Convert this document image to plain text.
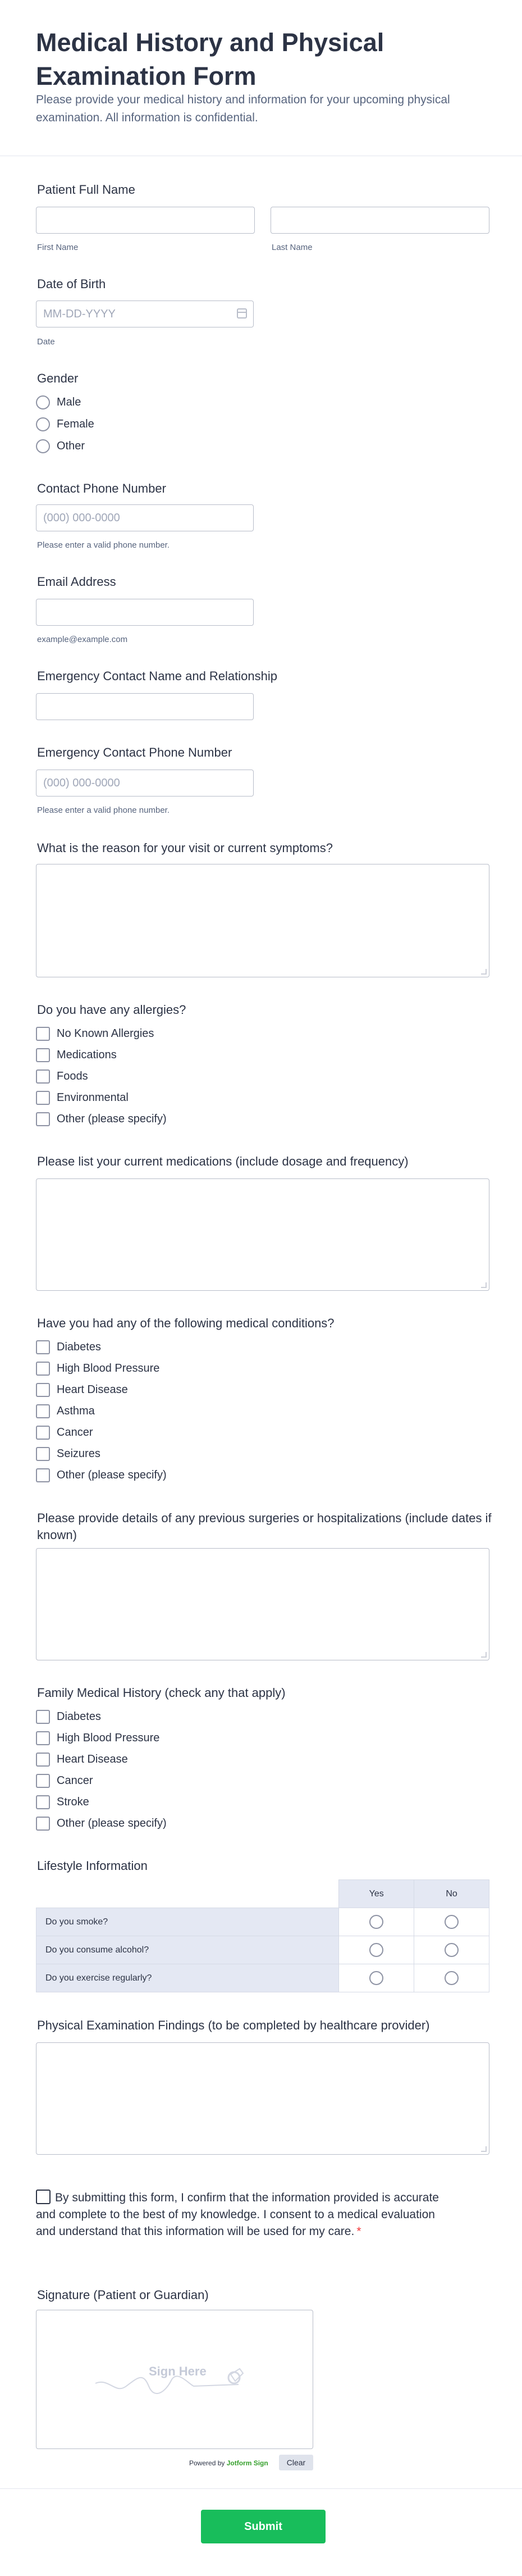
Medical History and Physical Examination Form

Please provide your medical history and information for your upcoming physical examination. All information is confidential.

Patient Full Name
First Name	Last Name
Date of Birth
MM-DD-YYYY
Date
Gender
Male
Female
Other
Contact Phone Number
(000) 000-0000
Please enter a valid phone number.
Email Address
example@example.com
Emergency Contact Name and Relationship
Emergency Contact Phone Number
(000) 000-0000
Please enter a valid phone number.
What is the reason for your visit or current symptoms?
Do you have any allergies?
No Known Allergies
Medications
Foods
Environmental
Other (please specify)
Please list your current medications (include dosage and frequency)
Have you had any of the following medical conditions?
Diabetes
High Blood Pressure
Heart Disease
Asthma
Cancer
Seizures
Other (please specify)
Please provide details of any previous surgeries or hospitalizations (include dates if known)
Family Medical History (check any that apply)
Diabetes
High Blood Pressure
Heart Disease
Cancer
Stroke
Other (please specify)
Lifestyle Information
	Yes	No
Do you smoke?		
Do you consume alcohol?		
Do you exercise regularly?		
Physical Examination Findings (to be completed by healthcare provider)
By submitting this form, I confirm that the information provided is accurate and complete to the best of my knowledge. I consent to a medical evaluation and understand that this information will be used for my care. *
Signature (Patient or Guardian)
Sign Here
Powered by Jotform Sign	Clear
Submit
